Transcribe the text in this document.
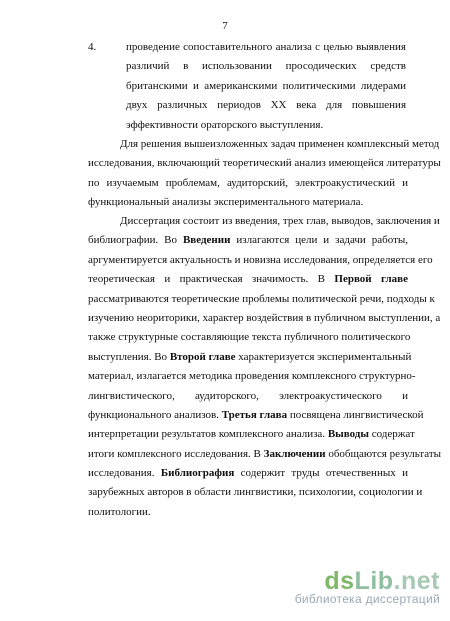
7
4.	проведение сопоставительного анализа с целью выявления
различий в использовании просодических средств
британскими и американскими политическими лидерами
двух различных периодов XX века для повышения
эффективности ораторского выступления.
Для решения вышеизложенных задач применен комплексный метод
исследования, включающий теоретический анализ имеющейся литературы
по изучаемым проблемам, аудиторский, электроакустический и
функциональный анализы экспериментального материала.
Диссертация состоит из введения, трех глав, выводов, заключения и
библиографии. Во Введении излагаются цели и задачи работы,
аргументируется актуальность и новизна исследования, определяется его
теоретическая и практическая значимость. В Первой главе
рассматриваются теоретические проблемы политической речи, подходы к
изучению неориторики, характер воздействия в публичном выступлении, а
также структурные составляющие текста публичного политического
выступления. Во Второй главе характеризуется экспериментальный
материал, излагается методика проведения комплексного структурно-
лингвистического, аудиторского, электроакустического и
функционального анализов. Третья глава посвящена лингвистической
интерпретации результатов комплексного анализа. Выводы содержат
итоги комплексного исследования. В Заключении обобщаются результаты
исследования. Библиография содержит труды отечественных и
зарубежных авторов в области лингвистики, психологии, социологии и
политологии.
dsLib.net
библиотека диссертаций
